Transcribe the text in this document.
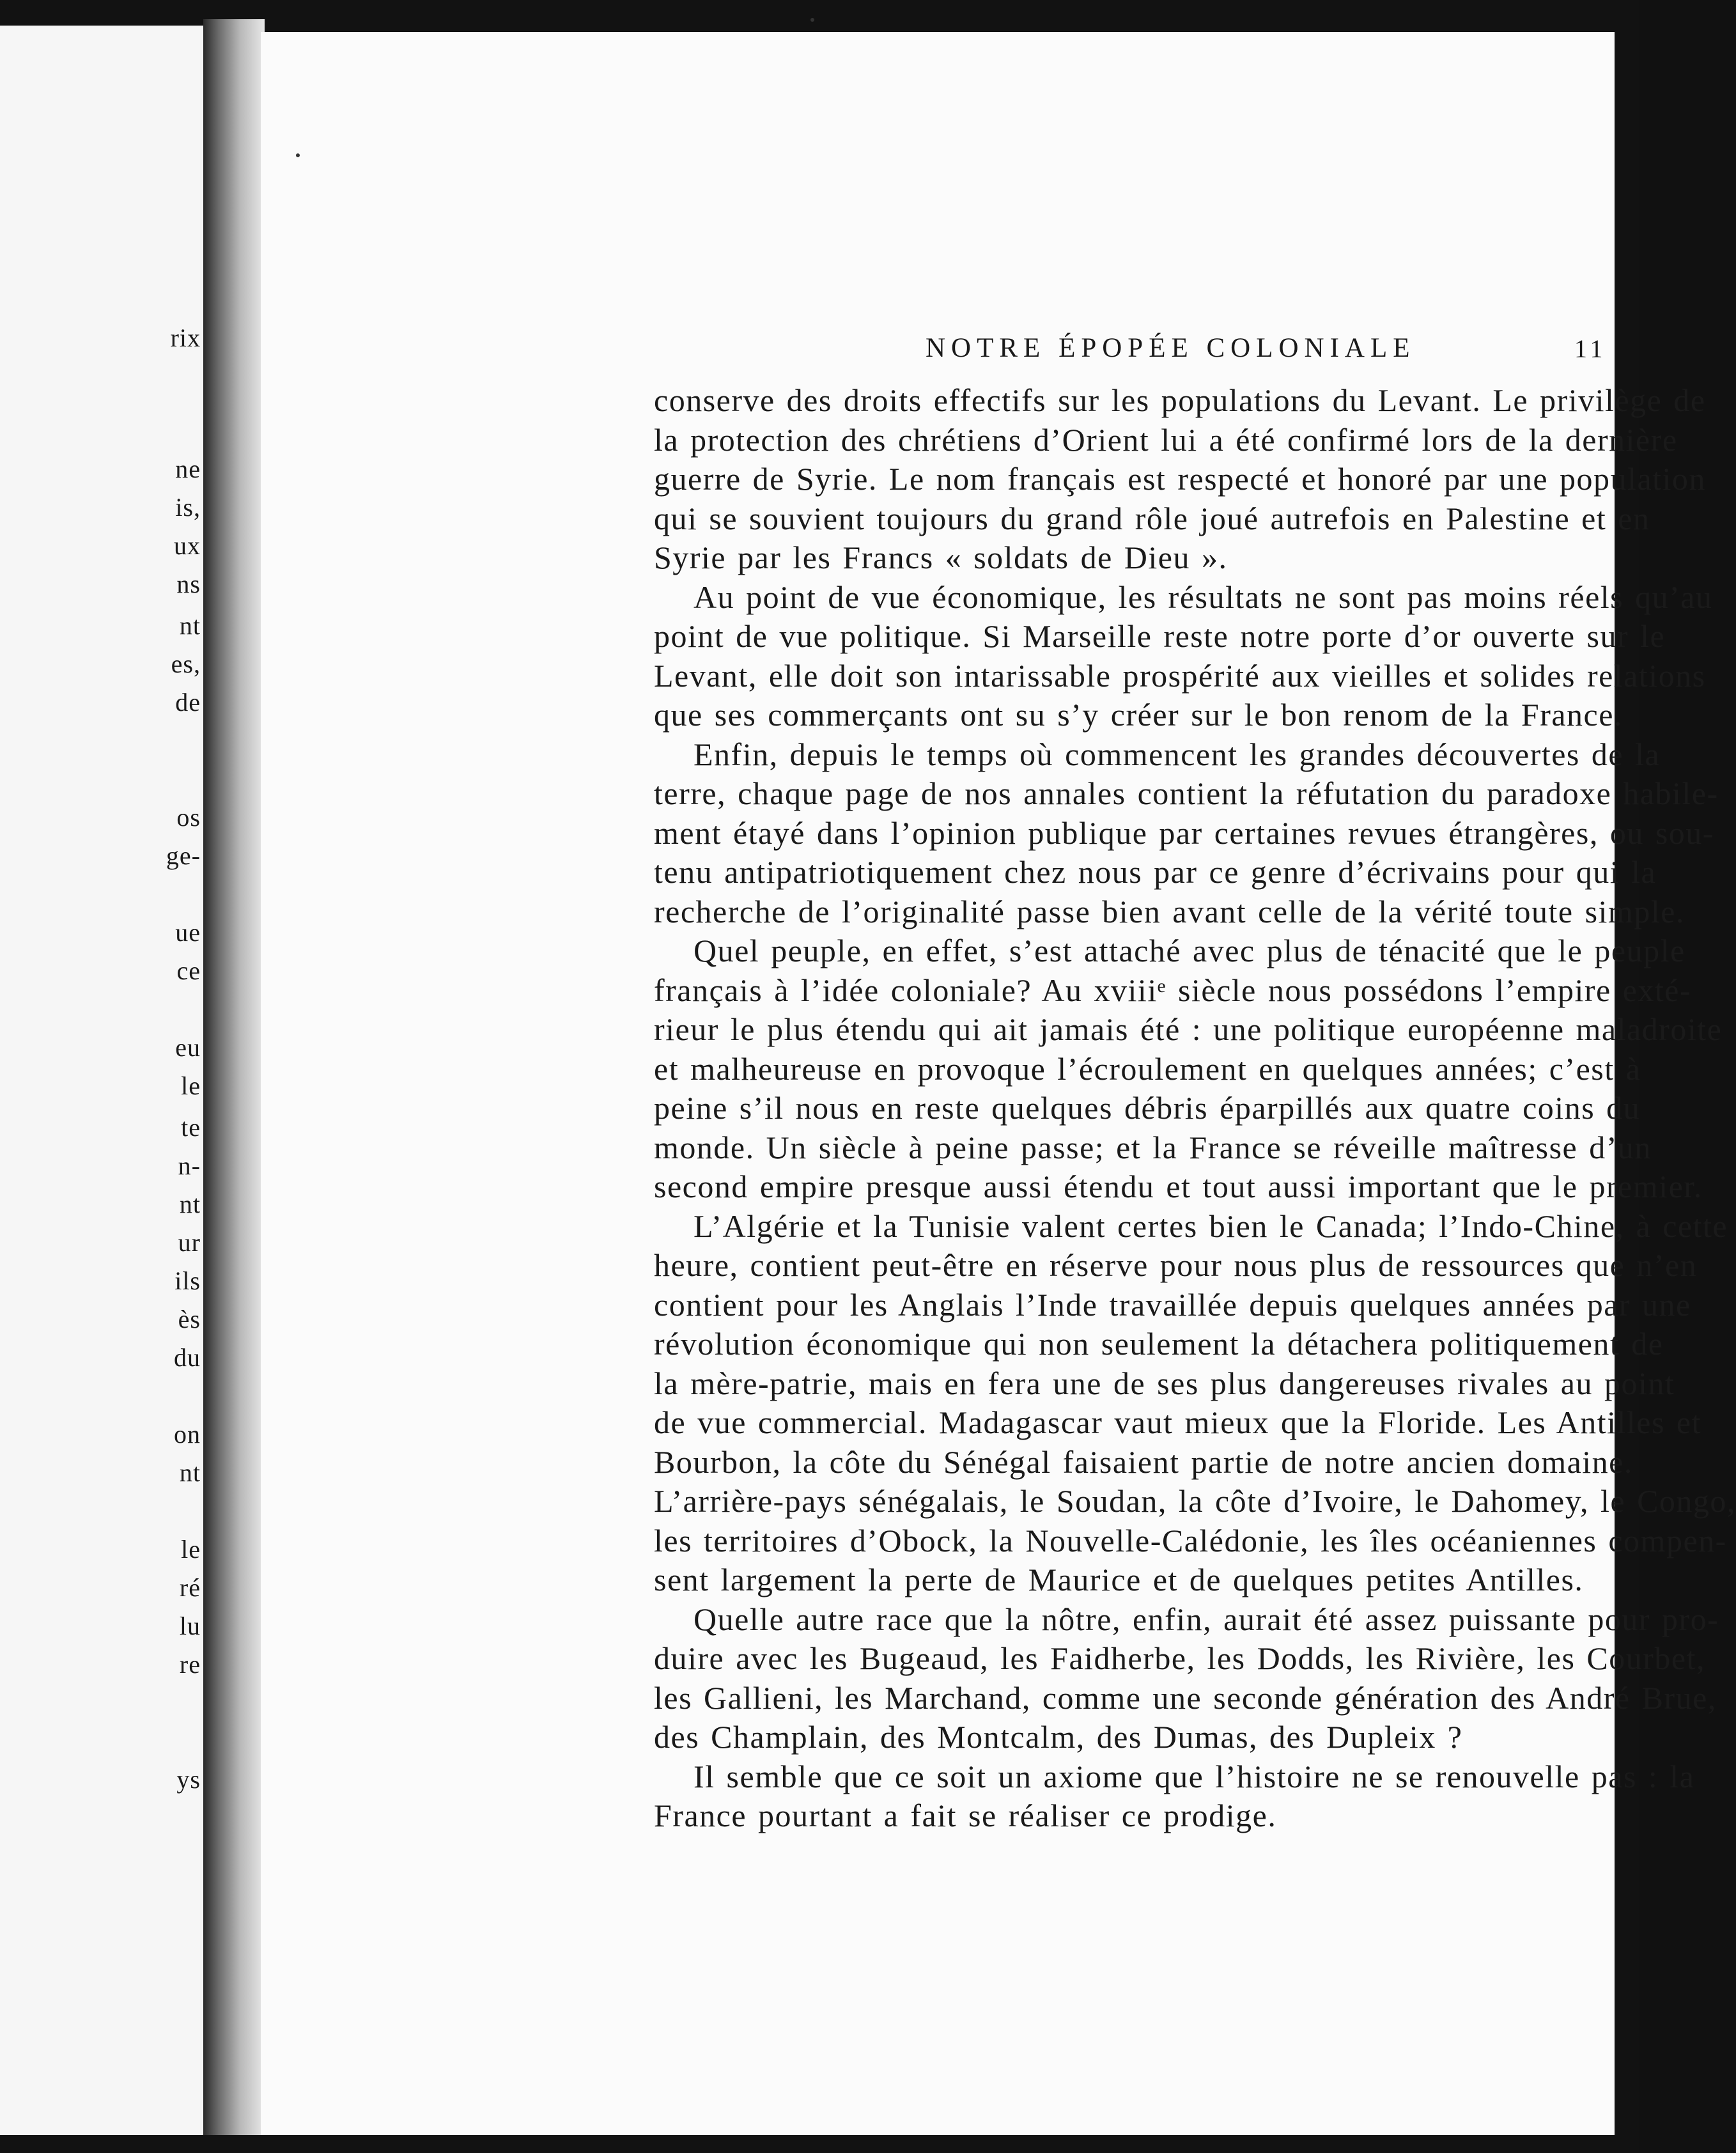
rix
ne
is,
ux
ns
nt
es,
de
os
ge-
ue
ce
eu
le
te
n-
nt
ur
ils
ès
du
on
nt
le
ré
lu
re
ys
NOTRE ÉPOPÉE COLONIALE	11
conserve des droits effectifs sur les populations du Levant. Le privilège de
la protection des chrétiens d’Orient lui a été confirmé lors de la dernière
guerre de Syrie. Le nom français est respecté et honoré par une population
qui se souvient toujours du grand rôle joué autrefois en Palestine et en
Syrie par les Francs « soldats de Dieu ».
Au point de vue économique, les résultats ne sont pas moins réels qu’au
point de vue politique. Si Marseille reste notre porte d’or ouverte sur le
Levant, elle doit son intarissable prospérité aux vieilles et solides relations
que ses commerçants ont su s’y créer sur le bon renom de la France.
Enfin, depuis le temps où commencent les grandes découvertes de la
terre, chaque page de nos annales contient la réfutation du paradoxe habile-
ment étayé dans l’opinion publique par certaines revues étrangères, ou sou-
tenu antipatriotiquement chez nous par ce genre d’écrivains pour qui la
recherche de l’originalité passe bien avant celle de la vérité toute simple.
Quel peuple, en effet, s’est attaché avec plus de ténacité que le peuple
français à l’idée coloniale? Au xviiiᵉ siècle nous possédons l’empire exté-
rieur le plus étendu qui ait jamais été : une politique européenne maladroite
et malheureuse en provoque l’écroulement en quelques années; c’est à
peine s’il nous en reste quelques débris éparpillés aux quatre coins du
monde. Un siècle à peine passe; et la France se réveille maîtresse d’un
second empire presque aussi étendu et tout aussi important que le premier.
L’Algérie et la Tunisie valent certes bien le Canada; l’Indo-Chine, à cette
heure, contient peut-être en réserve pour nous plus de ressources que n’en
contient pour les Anglais l’Inde travaillée depuis quelques années par une
révolution économique qui non seulement la détachera politiquement de
la mère-patrie, mais en fera une de ses plus dangereuses rivales au point
de vue commercial. Madagascar vaut mieux que la Floride. Les Antilles et
Bourbon, la côte du Sénégal faisaient partie de notre ancien domaine.
L’arrière-pays sénégalais, le Soudan, la côte d’Ivoire, le Dahomey, le Congo,
les territoires d’Obock, la Nouvelle-Calédonie, les îles océaniennes compen-
sent largement la perte de Maurice et de quelques petites Antilles.
Quelle autre race que la nôtre, enfin, aurait été assez puissante pour pro-
duire avec les Bugeaud, les Faidherbe, les Dodds, les Rivière, les Courbet,
les Gallieni, les Marchand, comme une seconde génération des André Brue,
des Champlain, des Montcalm, des Dumas, des Dupleix ?
Il semble que ce soit un axiome que l’histoire ne se renouvelle pas : la
France pourtant a fait se réaliser ce prodige.
